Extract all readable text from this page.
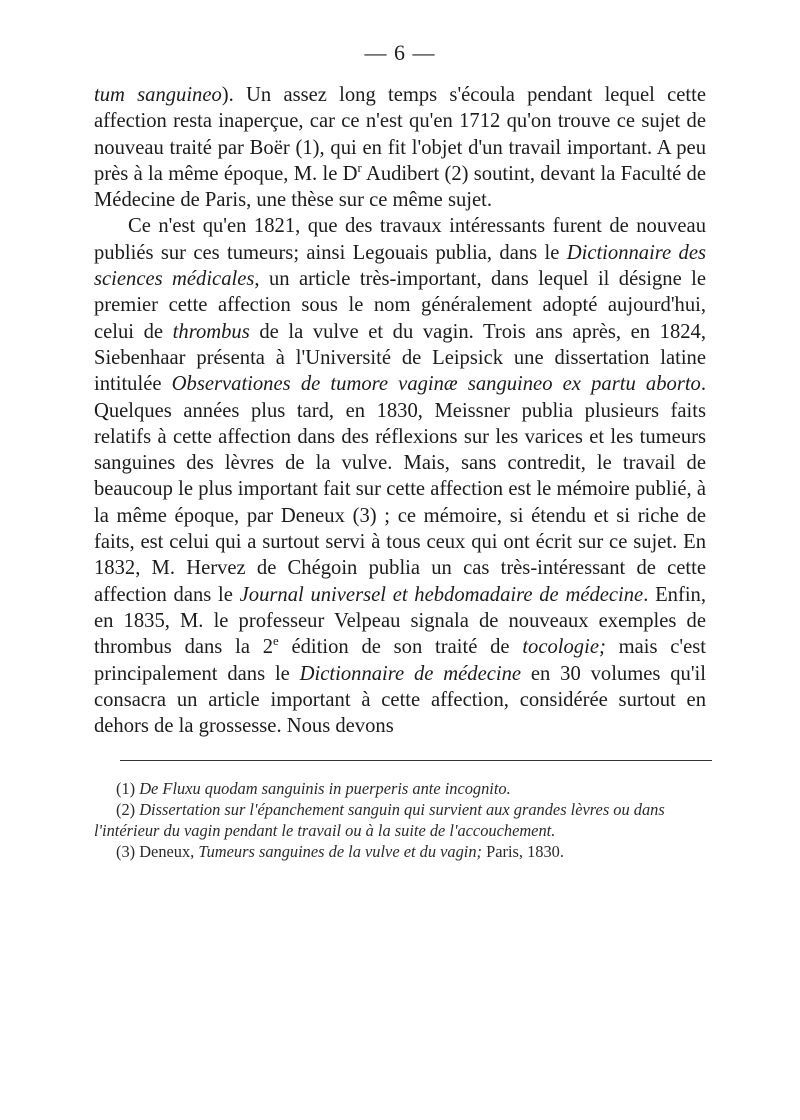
— 6 —

tum sanguineo). Un assez long temps s'écoula pendant lequel cette affection resta inaperçue, car ce n'est qu'en 1712 qu'on trouve ce sujet de nouveau traité par Boër (1), qui en fit l'objet d'un travail important. A peu près à la même époque, M. le $D^r$ Audibert (2) soutint, devant la Faculté de Médecine de Paris, une thèse sur ce même sujet.

Ce n'est qu'en 1821, que des travaux intéressants furent de nouveau publiés sur ces tumeurs; ainsi Legouais publia, dans le Dictionnaire des sciences médicales, un article très-important, dans lequel il désigne le premier cette affection sous le nom généralement adopté aujourd'hui, celui de thrombus de la vulve et du vagin. Trois ans après, en 1824, Siebenhaar présenta à l'Université de Leipsick une dissertation latine intitulée Observationes de tumore vaginæ sanguineo ex partu aborto. Quelques années plus tard, en 1830, Meissner publia plusieurs faits relatifs à cette affection dans des réflexions sur les varices et les tumeurs sanguines des lèvres de la vulve. Mais, sans contredit, le travail de beaucoup le plus important fait sur cette affection est le mémoire publié, à la même époque, par Deneux (3) ; ce mémoire, si étendu et si riche de faits, est celui qui a surtout servi à tous ceux qui ont écrit sur ce sujet. En 1832, M. Hervez de Chégoin publia un cas très-intéressant de cette affection dans le Journal universel et hebdomadaire de médecine. Enfin, en 1835, M. le professeur Velpeau signala de nouveaux exemples de thrombus dans la 2e édition de son traité de tocologie; mais c'est principalement dans le Dictionnaire de médecine en 30 volumes qu'il consacra un article important à cette affection, considérée surtout en dehors de la grossesse. Nous devons

(1) De Fluxu quodam sanguinis in puerperis ante incognito.

(2) Dissertation sur l'épanchement sanguin qui survient aux grandes lèvres ou dans l'intérieur du vagin pendant le travail ou à la suite de l'accouchement.

(3) Deneux, Tumeurs sanguines de la vulve et du vagin; Paris, 1830.
